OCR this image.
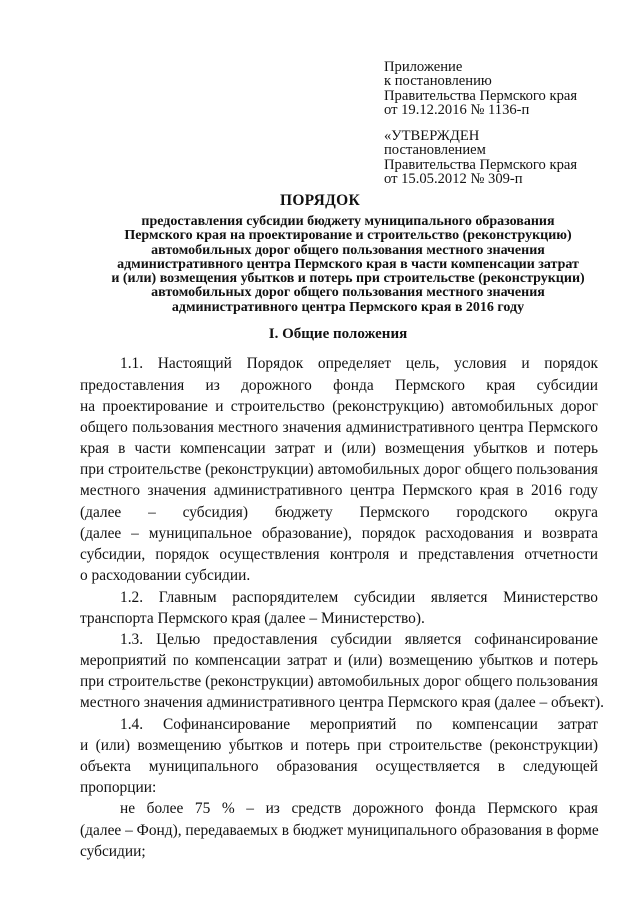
Приложение
к постановлению
Правительства Пермского края
от 19.12.2016 № 1136-п
«УТВЕРЖДЕН
постановлением
Правительства Пермского края
от 15.05.2012 № 309-п
ПОРЯДОК
предоставления субсидии бюджету муниципального образования
Пермского края на проектирование и строительство (реконструкцию)
автомобильных дорог общего пользования местного значения
административного центра Пермского края в части компенсации затрат
и (или) возмещения убытков и потерь при строительстве (реконструкции)
автомобильных дорог общего пользования местного значения
административного центра Пермского края в 2016 году
I. Общие положения
1.1. Настоящий Порядок определяет цель, условия и порядок
предоставления из дорожного фонда Пермского края субсидии
на проектирование и строительство (реконструкцию) автомобильных дорог
общего пользования местного значения административного центра Пермского
края в части компенсации затрат и (или) возмещения убытков и потерь
при строительстве (реконструкции) автомобильных дорог общего пользования
местного значения административного центра Пермского края в 2016 году
(далее – субсидия) бюджету Пермского городского округа
(далее – муниципальное образование), порядок расходования и возврата
субсидии, порядок осуществления контроля и представления отчетности
о расходовании субсидии.
1.2. Главным распорядителем субсидии является Министерство
транспорта Пермского края (далее – Министерство).
1.3. Целью предоставления субсидии является софинансирование
мероприятий по компенсации затрат и (или) возмещению убытков и потерь
при строительстве (реконструкции) автомобильных дорог общего пользования
местного значения административного центра Пермского края (далее – объект).
1.4. Софинансирование мероприятий по компенсации затрат
и (или) возмещению убытков и потерь при строительстве (реконструкции)
объекта муниципального образования осуществляется в следующей
пропорции:
не более 75 % – из средств дорожного фонда Пермского края
(далее – Фонд), передаваемых в бюджет муниципального образования в форме
субсидии;
